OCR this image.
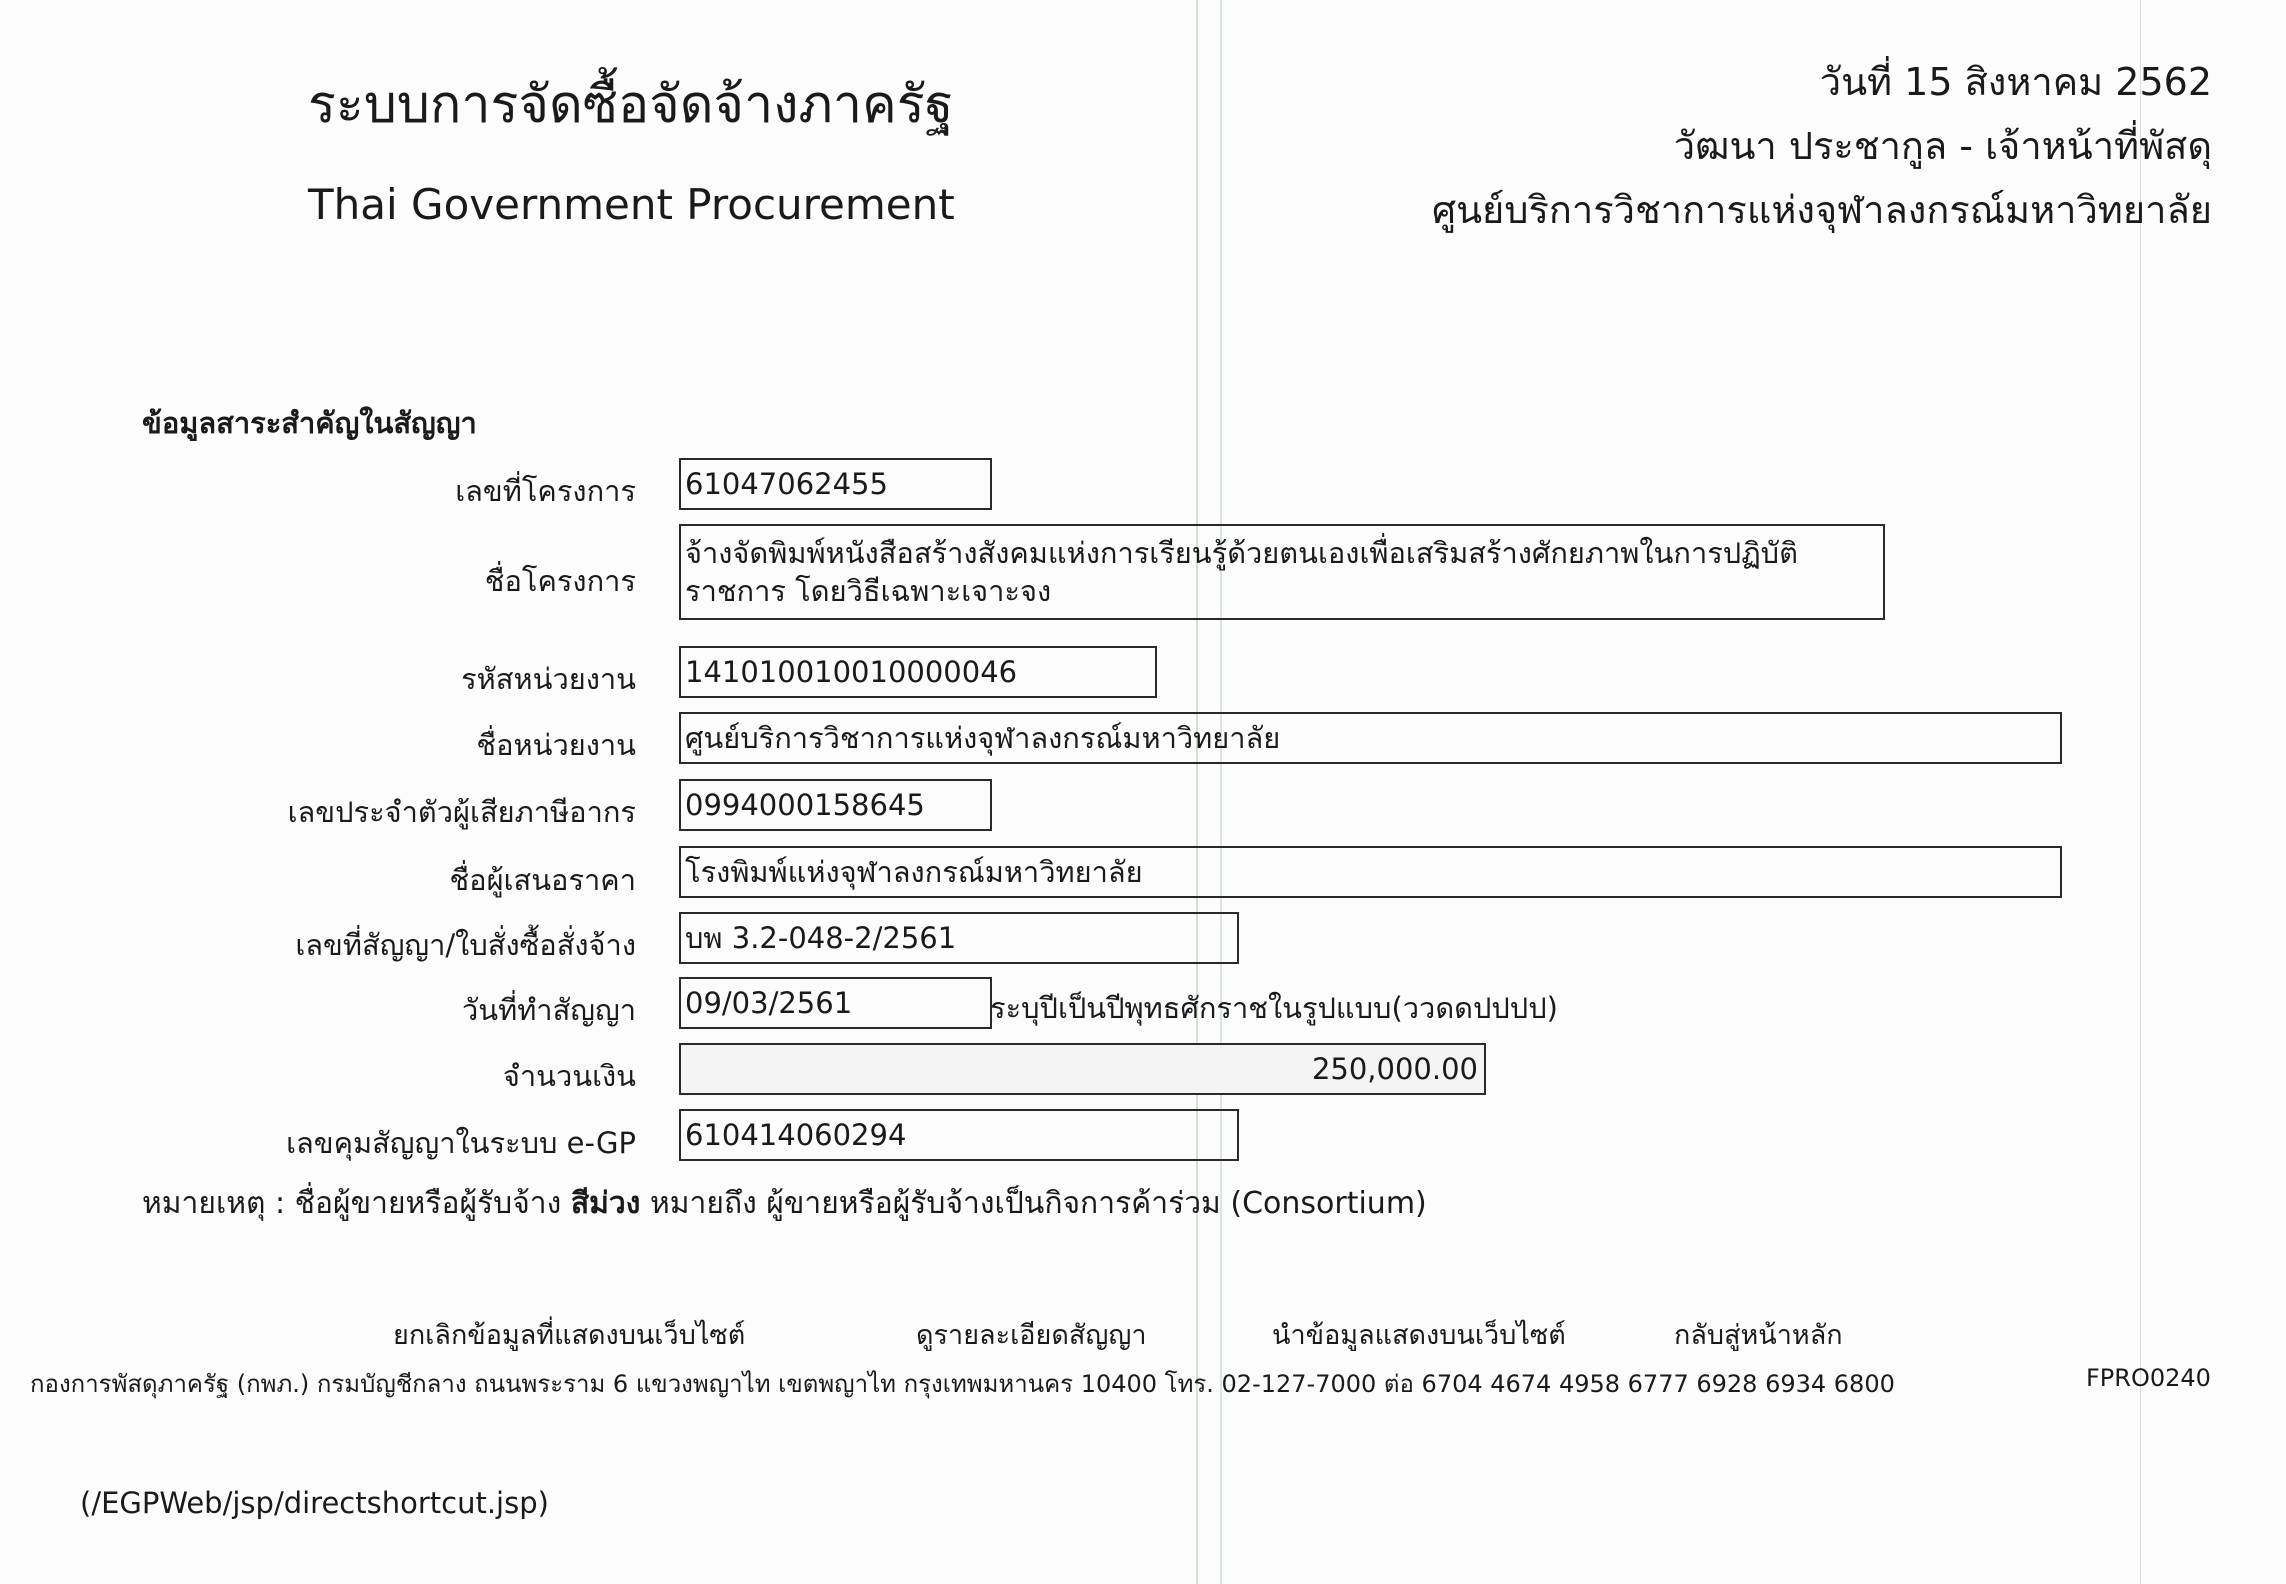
ระบบการจัดซื้อจัดจ้างภาครัฐ
Thai Government Procurement
วันที่ 15 สิงหาคม 2562
วัฒนา ประชากูล - เจ้าหน้าที่พัสดุ
ศูนย์บริการวิชาการแห่งจุฬาลงกรณ์มหาวิทยาลัย
ข้อมูลสาระสำคัญในสัญญา
เลขที่โครงการ 61047062455
ชื่อโครงการ
จ้างจัดพิมพ์หนังสือสร้างสังคมแห่งการเรียนรู้ด้วยตนเองเพื่อเสริมสร้างศักยภาพในการปฏิบัติราชการ โดยวิธีเฉพาะเจาะจง
รหัสหน่วยงาน 141010010010000046
ชื่อหน่วยงาน ศูนย์บริการวิชาการแห่งจุฬาลงกรณ์มหาวิทยาลัย
เลขประจำตัวผู้เสียภาษีอากร 0994000158645
ชื่อผู้เสนอราคา โรงพิมพ์แห่งจุฬาลงกรณ์มหาวิทยาลัย
เลขที่สัญญา/ใบสั่งซื้อสั่งจ้าง บพ 3.2-048-2/2561
วันที่ทำสัญญา 09/03/2561	ระบุปีเป็นปีพุทธศักราชในรูปแบบ(ววดดปปปป)
จำนวนเงิน	250,000.00
เลขคุมสัญญาในระบบ e-GP 610414060294
หมายเหตุ : ชื่อผู้ขายหรือผู้รับจ้าง สีม่วง หมายถึง ผู้ขายหรือผู้รับจ้างเป็นกิจการค้าร่วม (Consortium)
ยกเลิกข้อมูลที่แสดงบนเว็บไซต์	ดูรายละเอียดสัญญา	นำข้อมูลแสดงบนเว็บไซต์	กลับสู่หน้าหลัก
กองการพัสดุภาครัฐ (กพภ.) กรมบัญชีกลาง ถนนพระราม 6 แขวงพญาไท เขตพญาไท กรุงเทพมหานคร 10400 โทร. 02-127-7000 ต่อ 6704 4674 4958 6777 6928 6934 6800	FPRO0240
(/EGPWeb/jsp/directshortcut.jsp)
